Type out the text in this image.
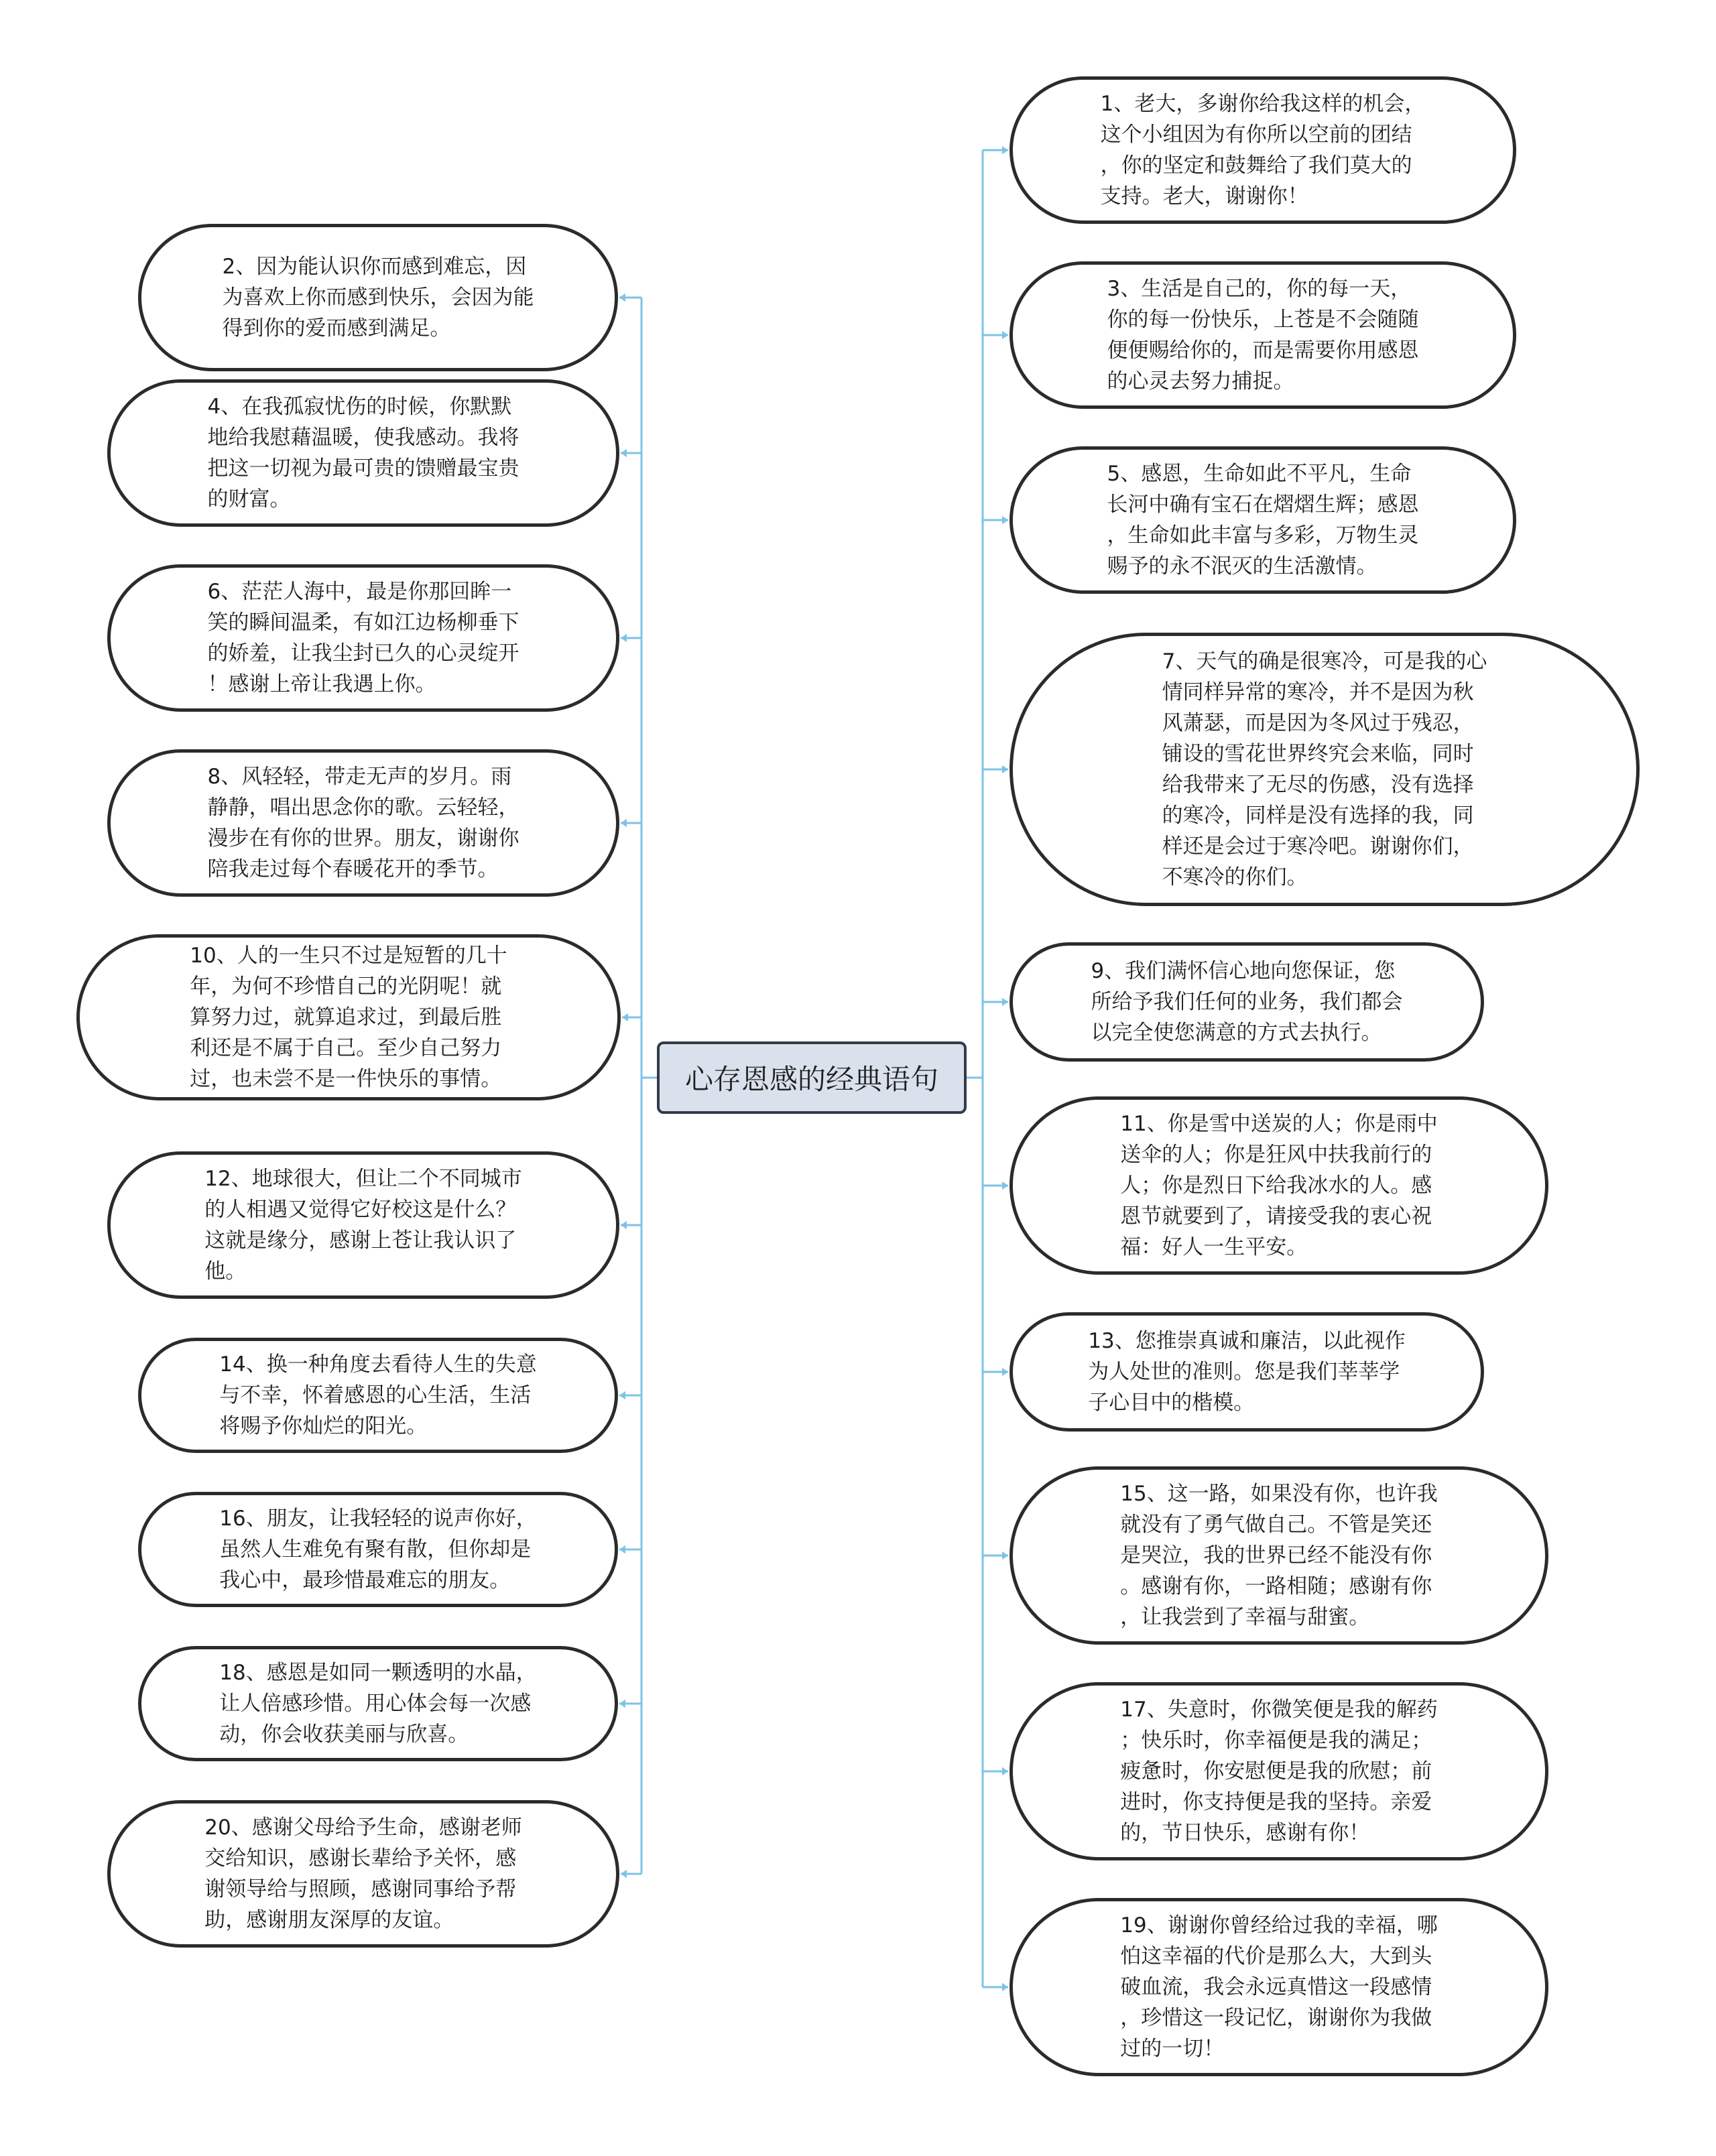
心存恩感的经典语句
2、因为能认识你而感到难忘，因
为喜欢上你而感到快乐，会因为能
得到你的爱而感到满足。
4、在我孤寂忧伤的时候，你默默
地给我慰藉温暖，使我感动。我将
把这一切视为最可贵的馈赠最宝贵
的财富。
6、茫茫人海中，最是你那回眸一
笑的瞬间温柔，有如江边杨柳垂下
的娇羞，让我尘封已久的心灵绽开
！感谢上帝让我遇上你。
8、风轻轻，带走无声的岁月。雨
静静，唱出思念你的歌。云轻轻，
漫步在有你的世界。朋友，谢谢你
陪我走过每个春暖花开的季节。
10、人的一生只不过是短暂的几十
年，为何不珍惜自己的光阴呢！就
算努力过，就算追求过，到最后胜
利还是不属于自己。至少自己努力
过，也未尝不是一件快乐的事情。
12、地球很大，但让二个不同城市
的人相遇又觉得它好校这是什么？
这就是缘分，感谢上苍让我认识了
他。
14、换一种角度去看待人生的失意
与不幸，怀着感恩的心生活，生活
将赐予你灿烂的阳光。
16、朋友，让我轻轻的说声你好，
虽然人生难免有聚有散，但你却是
我心中，最珍惜最难忘的朋友。
18、感恩是如同一颗透明的水晶，
让人倍感珍惜。用心体会每一次感
动，你会收获美丽与欣喜。
20、感谢父母给予生命，感谢老师
交给知识，感谢长辈给予关怀，感
谢领导给与照顾，感谢同事给予帮
助，感谢朋友深厚的友谊。
1、老大，多谢你给我这样的机会，
这个小组因为有你所以空前的团结
，你的坚定和鼓舞给了我们莫大的
支持。老大，谢谢你！
3、生活是自己的，你的每一天，
你的每一份快乐，上苍是不会随随
便便赐给你的，而是需要你用感恩
的心灵去努力捕捉。
5、感恩，生命如此不平凡，生命
长河中确有宝石在熠熠生辉；感恩
，生命如此丰富与多彩，万物生灵
赐予的永不泯灭的生活激情。
7、天气的确是很寒冷，可是我的心
情同样异常的寒冷，并不是因为秋
风萧瑟，而是因为冬风过于残忍，
铺设的雪花世界终究会来临，同时
给我带来了无尽的伤感，没有选择
的寒冷，同样是没有选择的我，同
样还是会过于寒冷吧。谢谢你们，
不寒冷的你们。
9、我们满怀信心地向您保证，您
所给予我们任何的业务，我们都会
以完全使您满意的方式去执行。
11、你是雪中送炭的人；你是雨中
送伞的人；你是狂风中扶我前行的
人；你是烈日下给我冰水的人。感
恩节就要到了，请接受我的衷心祝
福：好人一生平安。
13、您推崇真诚和廉洁，以此视作
为人处世的准则。您是我们莘莘学
子心目中的楷模。
15、这一路，如果没有你，也许我
就没有了勇气做自己。不管是笑还
是哭泣，我的世界已经不能没有你
。感谢有你，一路相随；感谢有你
，让我尝到了幸福与甜蜜。
17、失意时，你微笑便是我的解药
；快乐时，你幸福便是我的满足；
疲惫时，你安慰便是我的欣慰；前
进时，你支持便是我的坚持。亲爱
的，节日快乐，感谢有你！
19、谢谢你曾经给过我的幸福，哪
怕这幸福的代价是那么大，大到头
破血流，我会永远真惜这一段感情
，珍惜这一段记忆，谢谢你为我做
过的一切！
